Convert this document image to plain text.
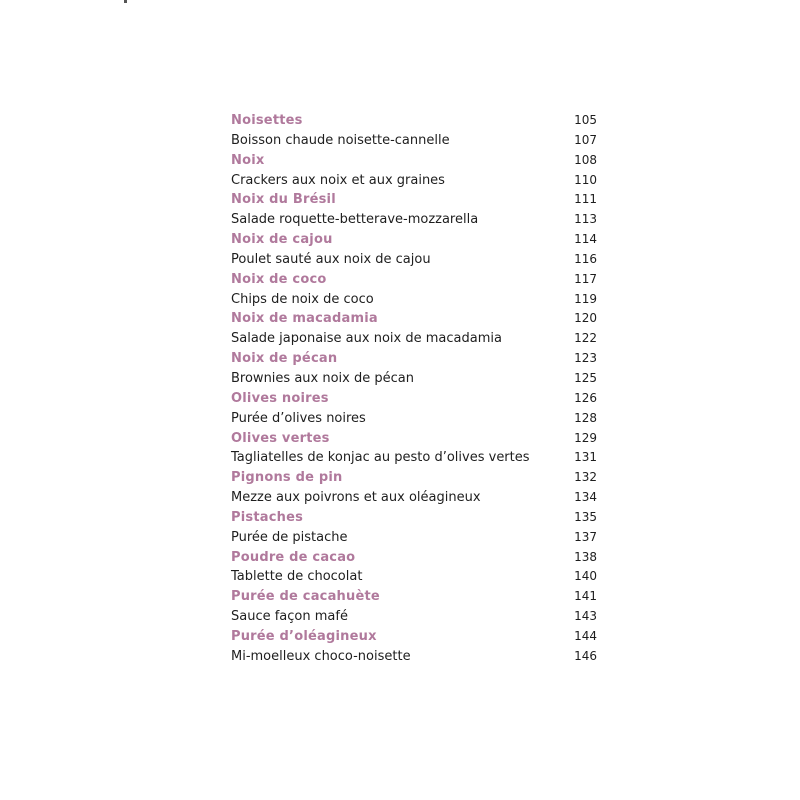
Noisettes	105
Boisson chaude noisette-cannelle	107
Noix	108
Crackers aux noix et aux graines	110
Noix du Brésil	111
Salade roquette-betterave-mozzarella	113
Noix de cajou	114
Poulet sauté aux noix de cajou	116
Noix de coco	117
Chips de noix de coco	119
Noix de macadamia	120
Salade japonaise aux noix de macadamia	122
Noix de pécan	123
Brownies aux noix de pécan	125
Olives noires	126
Purée d’olives noires	128
Olives vertes	129
Tagliatelles de konjac au pesto d’olives vertes	131
Pignons de pin	132
Mezze aux poivrons et aux oléagineux	134
Pistaches	135
Purée de pistache	137
Poudre de cacao	138
Tablette de chocolat	140
Purée de cacahuète	141
Sauce façon mafé	143
Purée d’oléagineux	144
Mi-moelleux choco-noisette	146
